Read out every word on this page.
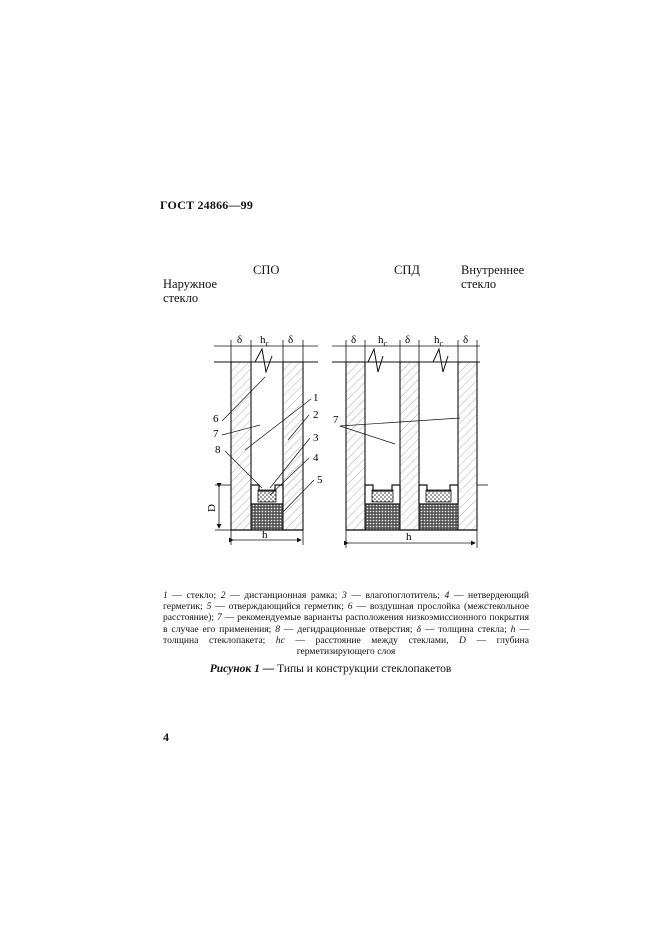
ГОСТ 24866—99
СПО	СПД
Наружное стекло
Внутреннее стекло
δ $h_c$ δ
h
D
1
2
3
4
5
6
7
8
δ $h_c$ δ $h_c$ δ
h
7
1 — стекло; 2 — дистанционная рамка; 3 — влагопоглотитель; 4 — нетвердеющий герметик; 5 — отверждающийся герметик; 6 — воздушная прослойка (межстекольное расстояние); 7 — рекомендуемые варианты расположения низкоэмиссионного покрытия в случае его применения; 8 — дегидрационные отверстия; δ — толщина стекла; h — толщина стеклопакета; hс — расстояние между стеклами, D — глубина герметизирующего слоя
Рисунок 1 — Типы и конструкции стеклопакетов
4
